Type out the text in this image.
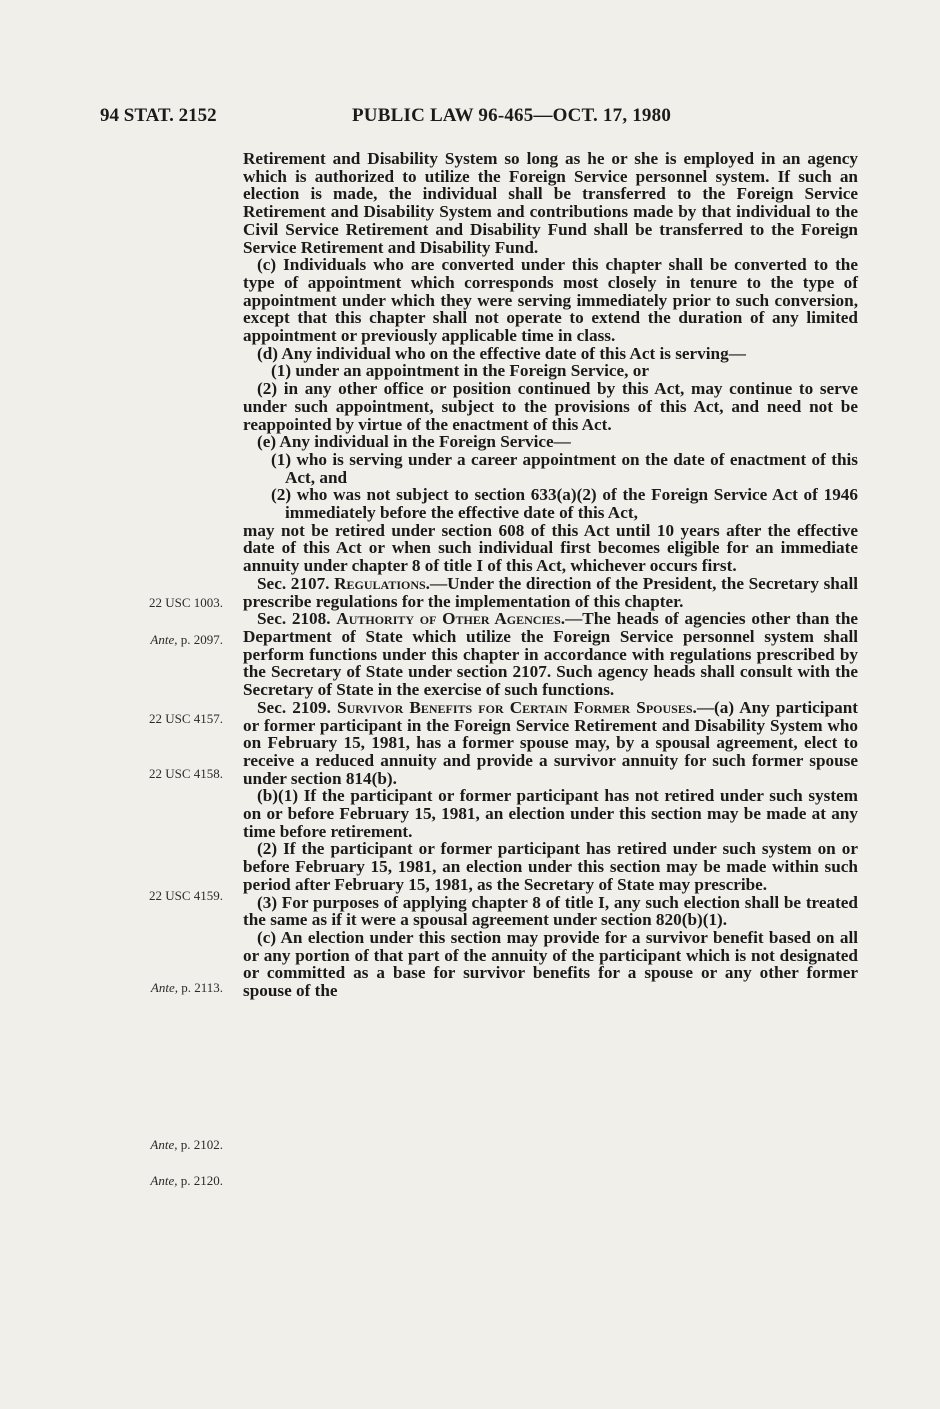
94 STAT. 2152	PUBLIC LAW 96-465—OCT. 17, 1980
22 USC 1003.
Ante, p. 2097.
22 USC 4157.
22 USC 4158.
22 USC 4159.
Ante, p. 2113.
Ante, p. 2102.
Ante, p. 2120.

Retirement and Disability System so long as he or she is employed in an agency which is authorized to utilize the Foreign Service personnel system. If such an election is made, the individual shall be transferred to the Foreign Service Retirement and Disability System and contributions made by that individual to the Civil Service Retirement and Disability Fund shall be transferred to the Foreign Service Retirement and Disability Fund.

(c) Individuals who are converted under this chapter shall be converted to the type of appointment which corresponds most closely in tenure to the type of appointment under which they were serving immediately prior to such conversion, except that this chapter shall not operate to extend the duration of any limited appointment or previously applicable time in class.

(d) Any individual who on the effective date of this Act is serving—

(1) under an appointment in the Foreign Service, or

(2) in any other office or position continued by this Act, may continue to serve under such appointment, subject to the provisions of this Act, and need not be reappointed by virtue of the enactment of this Act.

(e) Any individual in the Foreign Service—

(1) who is serving under a career appointment on the date of enactment of this Act, and

(2) who was not subject to section 633(a)(2) of the Foreign Service Act of 1946 immediately before the effective date of this Act,

may not be retired under section 608 of this Act until 10 years after the effective date of this Act or when such individual first becomes eligible for an immediate annuity under chapter 8 of title I of this Act, whichever occurs first.

Sec. 2107. Regulations.—Under the direction of the President, the Secretary shall prescribe regulations for the implementation of this chapter.

Sec. 2108. Authority of Other Agencies.—The heads of agencies other than the Department of State which utilize the Foreign Service personnel system shall perform functions under this chapter in accordance with regulations prescribed by the Secretary of State under section 2107. Such agency heads shall consult with the Secretary of State in the exercise of such functions.

Sec. 2109. Survivor Benefits for Certain Former Spouses.—(a) Any participant or former participant in the Foreign Service Retirement and Disability System who on February 15, 1981, has a former spouse may, by a spousal agreement, elect to receive a reduced annuity and provide a survivor annuity for such former spouse under section 814(b).

(b)(1) If the participant or former participant has not retired under such system on or before February 15, 1981, an election under this section may be made at any time before retirement.

(2) If the participant or former participant has retired under such system on or before February 15, 1981, an election under this section may be made within such period after February 15, 1981, as the Secretary of State may prescribe.

(3) For purposes of applying chapter 8 of title I, any such election shall be treated the same as if it were a spousal agreement under section 820(b)(1).

(c) An election under this section may provide for a survivor benefit based on all or any portion of that part of the annuity of the participant which is not designated or committed as a base for survivor benefits for a spouse or any other former spouse of the
